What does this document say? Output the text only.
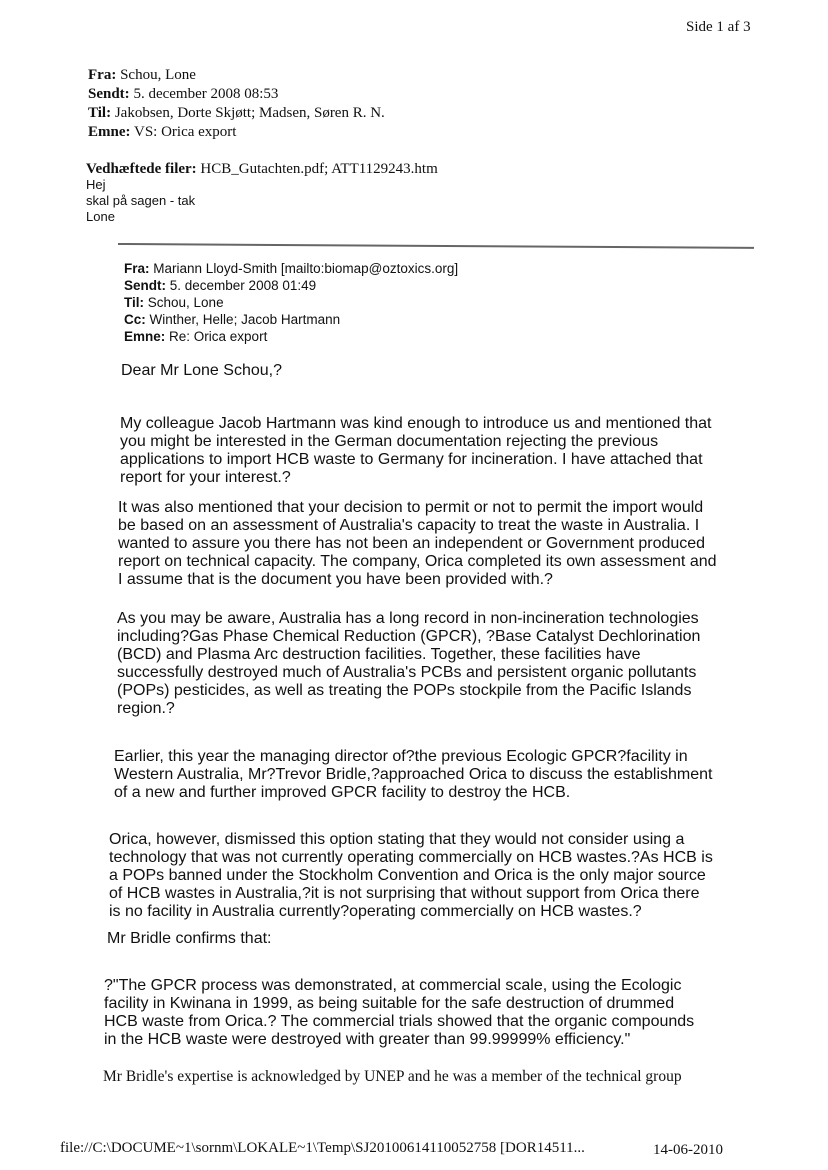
Side 1 af 3
Fra: Schou, Lone
Sendt: 5. december 2008 08:53
Til: Jakobsen, Dorte Skjøtt; Madsen, Søren R. N.
Emne: VS: Orica export
Vedhæftede filer: HCB_Gutachten.pdf; ATT1129243.htm
Hej
skal på sagen - tak
Lone
Fra: Mariann Lloyd-Smith [mailto:biomap@oztoxics.org]
Sendt: 5. december 2008 01:49
Til: Schou, Lone
Cc: Winther, Helle; Jacob Hartmann
Emne: Re: Orica export
Dear Mr Lone Schou,?
My colleague Jacob Hartmann was kind enough to introduce us and mentioned that
you might be interested in the German documentation rejecting the previous
applications to import HCB waste to Germany for incineration. I have attached that
report for your interest.?
It was also mentioned that your decision to permit or not to permit the import would
be based on an assessment of Australia's capacity to treat the waste in Australia. I
wanted to assure you there has not been an independent or Government produced
report on technical capacity. The company, Orica completed its own assessment and
I assume that is the document you have been provided with.?
As you may be aware, Australia has a long record in non-incineration technologies
including?Gas Phase Chemical Reduction (GPCR), ?Base Catalyst Dechlorination
(BCD) and Plasma Arc destruction facilities. Together, these facilities have
successfully destroyed much of Australia's PCBs and persistent organic pollutants
(POPs) pesticides, as well as treating the POPs stockpile from the Pacific Islands
region.?
Earlier, this year the managing director of?the previous Ecologic GPCR?facility in
Western Australia, Mr?Trevor Bridle,?approached Orica to discuss the establishment
of a new and further improved GPCR facility to destroy the HCB.
Orica, however, dismissed this option stating that they would not consider using a
technology that was not currently operating commercially on HCB wastes.?As HCB is
a POPs banned under the Stockholm Convention and Orica is the only major source
of HCB wastes in Australia,?it is not surprising that without support from Orica there
is no facility in Australia currently?operating commercially on HCB wastes.?
Mr Bridle confirms that:
?"The GPCR process was demonstrated, at commercial scale, using the Ecologic
facility in Kwinana in 1999, as being suitable for the safe destruction of drummed
HCB waste from Orica.? The commercial trials showed that the organic compounds
in the HCB waste were destroyed with greater than 99.99999% efficiency."
Mr Bridle's expertise is acknowledged by UNEP and he was a member of the technical group
file://C:\DOCUME~1\sornm\LOKALE~1\Temp\SJ20100614110052758 [DOR14511...	14-06-2010
